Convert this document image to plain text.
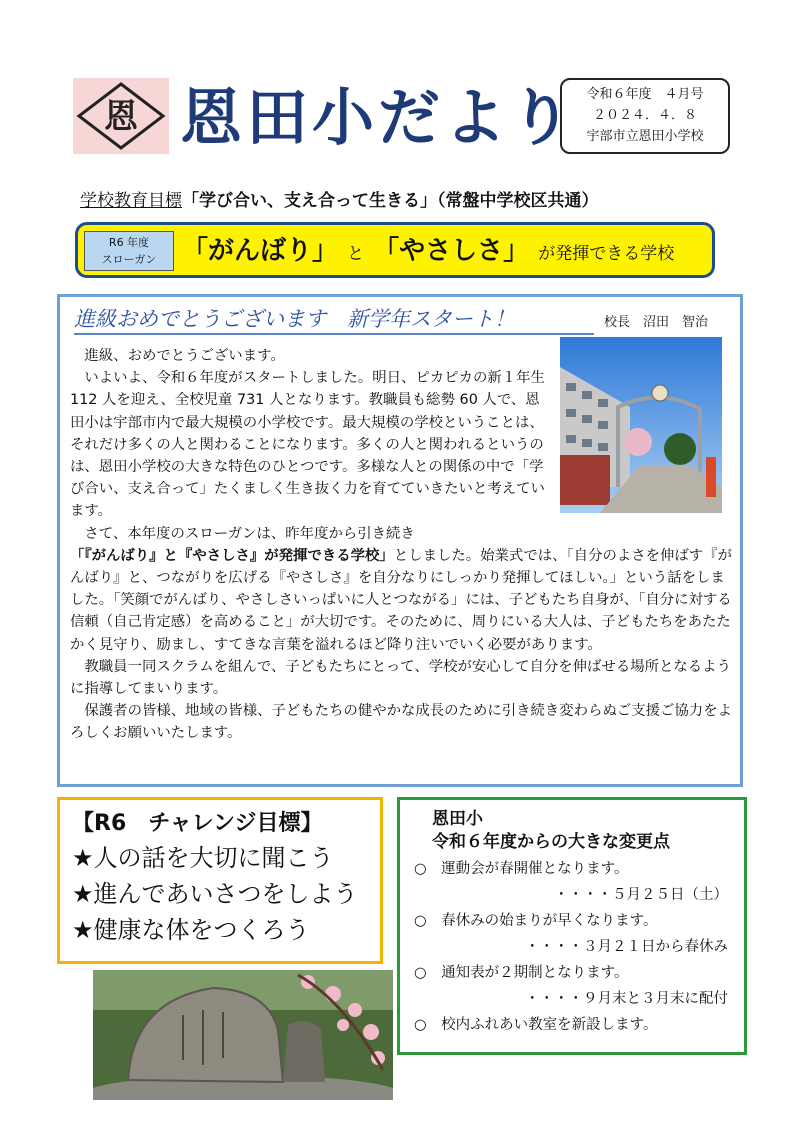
恩 恩田小だより 令和６年度　４月号
２０２４．４．８
宇部市立恩田小学校
学校教育目標「学び合い、支え合って生きる」（常盤中学校区共通）
R6 年度
スローガン 「がんばり」 と 「やさしさ」 が発揮できる学校
進級おめでとうございます　新学年スタート！	校長　沼田　智治

進級、おめでとうございます。

いよいよ、令和６年度がスタートしました。明日、ピカピカの新１年生 112 人を迎え、全校児童 731 人となります。教職員も総勢 60 人で、恩田小は宇部市内で最大規模の小学校です。最大規模の学校ということは、それだけ多くの人と関わることになります。多くの人と関われるというのは、恩田小学校の大きな特色のひとつです。多様な人との関係の中で「学び合い、支え合って」たくましく生き抜く力を育てていきたいと考えています。

さて、本年度のスローガンは、昨年度から引き続き「『がんばり』と『やさしさ』が発揮できる学校」としました。始業式では、「自分のよさを伸ばす『がんばり』と、つながりを広げる『やさしさ』を自分なりにしっかり発揮してほしい。」という話をしました。「笑顔でがんばり、やさしさいっぱいに人とつながる」には、子どもたち自身が、「自分に対する信頼（自己肯定感）を高めること」が大切です。そのために、周りにいる大人は、子どもたちをあたたかく見守り、励まし、すてきな言葉を溢れるほど降り注いでいく必要があります。

教職員一同スクラムを組んで、子どもたちにとって、学校が安心して自分を伸ばせる場所となるように指導してまいります。

保護者の皆様、地域の皆様、子どもたちの健やかな成長のために引き続き変わらぬご支援ご協力をよろしくお願いいたします。

【R6　チャレンジ目標】
★人の話を大切に聞こう
★進んであいさつをしよう
★健康な体をつくろう
恩田小
令和６年度からの大きな変更点
○　運動会が春開催となります。
・・・・５月２５日（土）
○　春休みの始まりが早くなります。
・・・・３月２１日から春休み
○　通知表が２期制となります。
・・・・９月末と３月末に配付
○　校内ふれあい教室を新設します。
